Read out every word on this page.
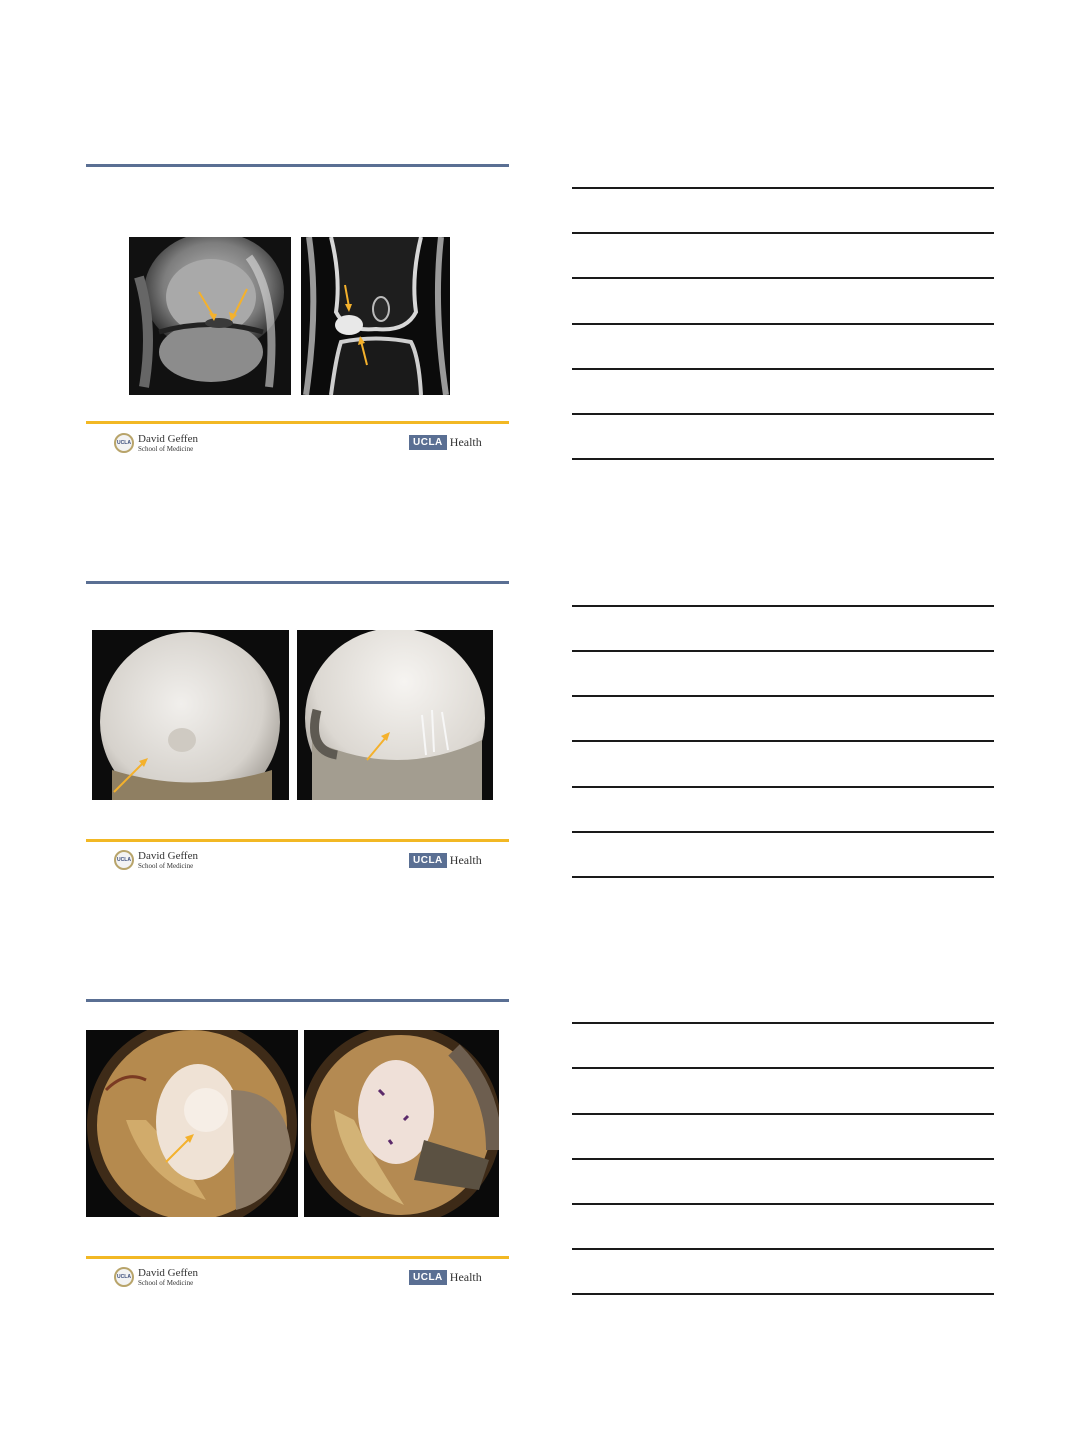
UCLA David Geffen
School of Medicine
UCLA Health
UCLA David Geffen
School of Medicine	UCLA Health
UCLA David Geffen
School of Medicine	UCLA Health
